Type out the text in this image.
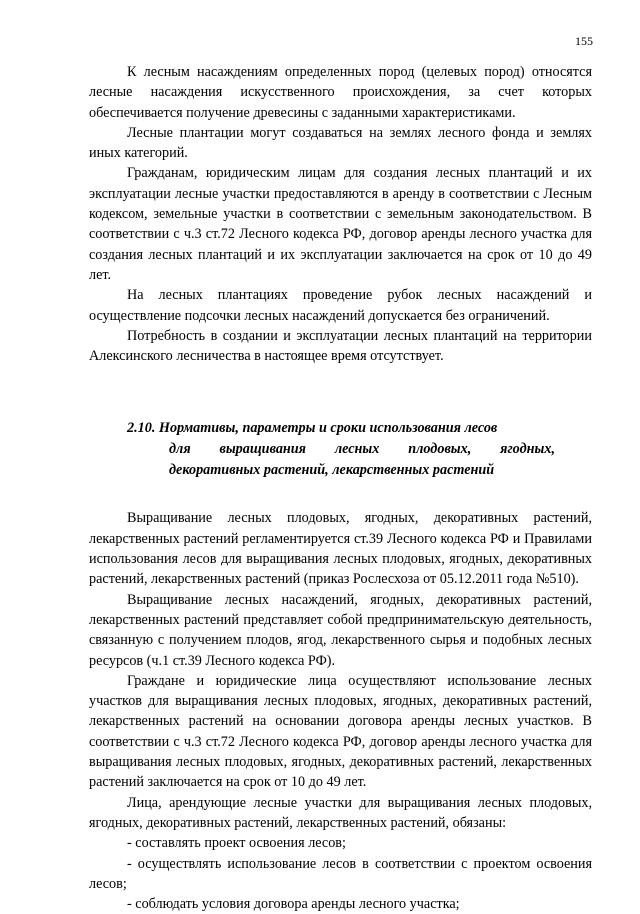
155

К лесным насаждениям определенных пород (целевых пород) относятся лесные насаждения искусственного происхождения, за счет которых обеспечивается получение древесины с заданными характеристиками.

Лесные плантации могут создаваться на землях лесного фонда и землях иных категорий.

Гражданам, юридическим лицам для создания лесных плантаций и их эксплуатации лесные участки предоставляются в аренду в соответствии с Лесным кодексом, земельные участки в соответствии с земельным законодательством. В соответствии с ч.3 ст.72 Лесного кодекса РФ, договор аренды лесного участка для создания лесных плантаций и их эксплуатации заключается на срок от 10 до 49 лет.

На лесных плантациях проведение рубок лесных насаждений и осуществление подсочки лесных насаждений допускается без ограничений.

Потребность в создании и эксплуатации лесных плантаций на территории Алексинского лесничества в настоящее время отсутствует.

2.10. Нормативы, параметры и сроки использования лесов
для выращивания лесных плодовых, ягодных,
декоративных растений, лекарственных растений

Выращивание лесных плодовых, ягодных, декоративных растений, лекарственных растений регламентируется ст.39 Лесного кодекса РФ и Правилами использования лесов для выращивания лесных плодовых, ягодных, декоративных растений, лекарственных растений (приказ Рослесхоза от 05.12.2011 года №510).

Выращивание лесных насаждений, ягодных, декоративных растений, лекарственных растений представляет собой предпринимательскую деятельность, связанную с получением плодов, ягод, лекарственного сырья и подобных лесных ресурсов (ч.1 ст.39 Лесного кодекса РФ).

Граждане и юридические лица осуществляют использование лесных участков для выращивания лесных плодовых, ягодных, декоративных растений, лекарственных растений на основании договора аренды лесных участков. В соответствии с ч.3 ст.72 Лесного кодекса РФ, договор аренды лесного участка для выращивания лесных плодовых, ягодных, декоративных растений, лекарственных растений заключается на срок от 10 до 49 лет.

Лица, арендующие лесные участки для выращивания лесных плодовых, ягодных, декоративных растений, лекарственных растений, обязаны:

- составлять проект освоения лесов;

- осуществлять использование лесов в соответствии с проектом освоения лесов;

- соблюдать условия договора аренды лесного участка;
